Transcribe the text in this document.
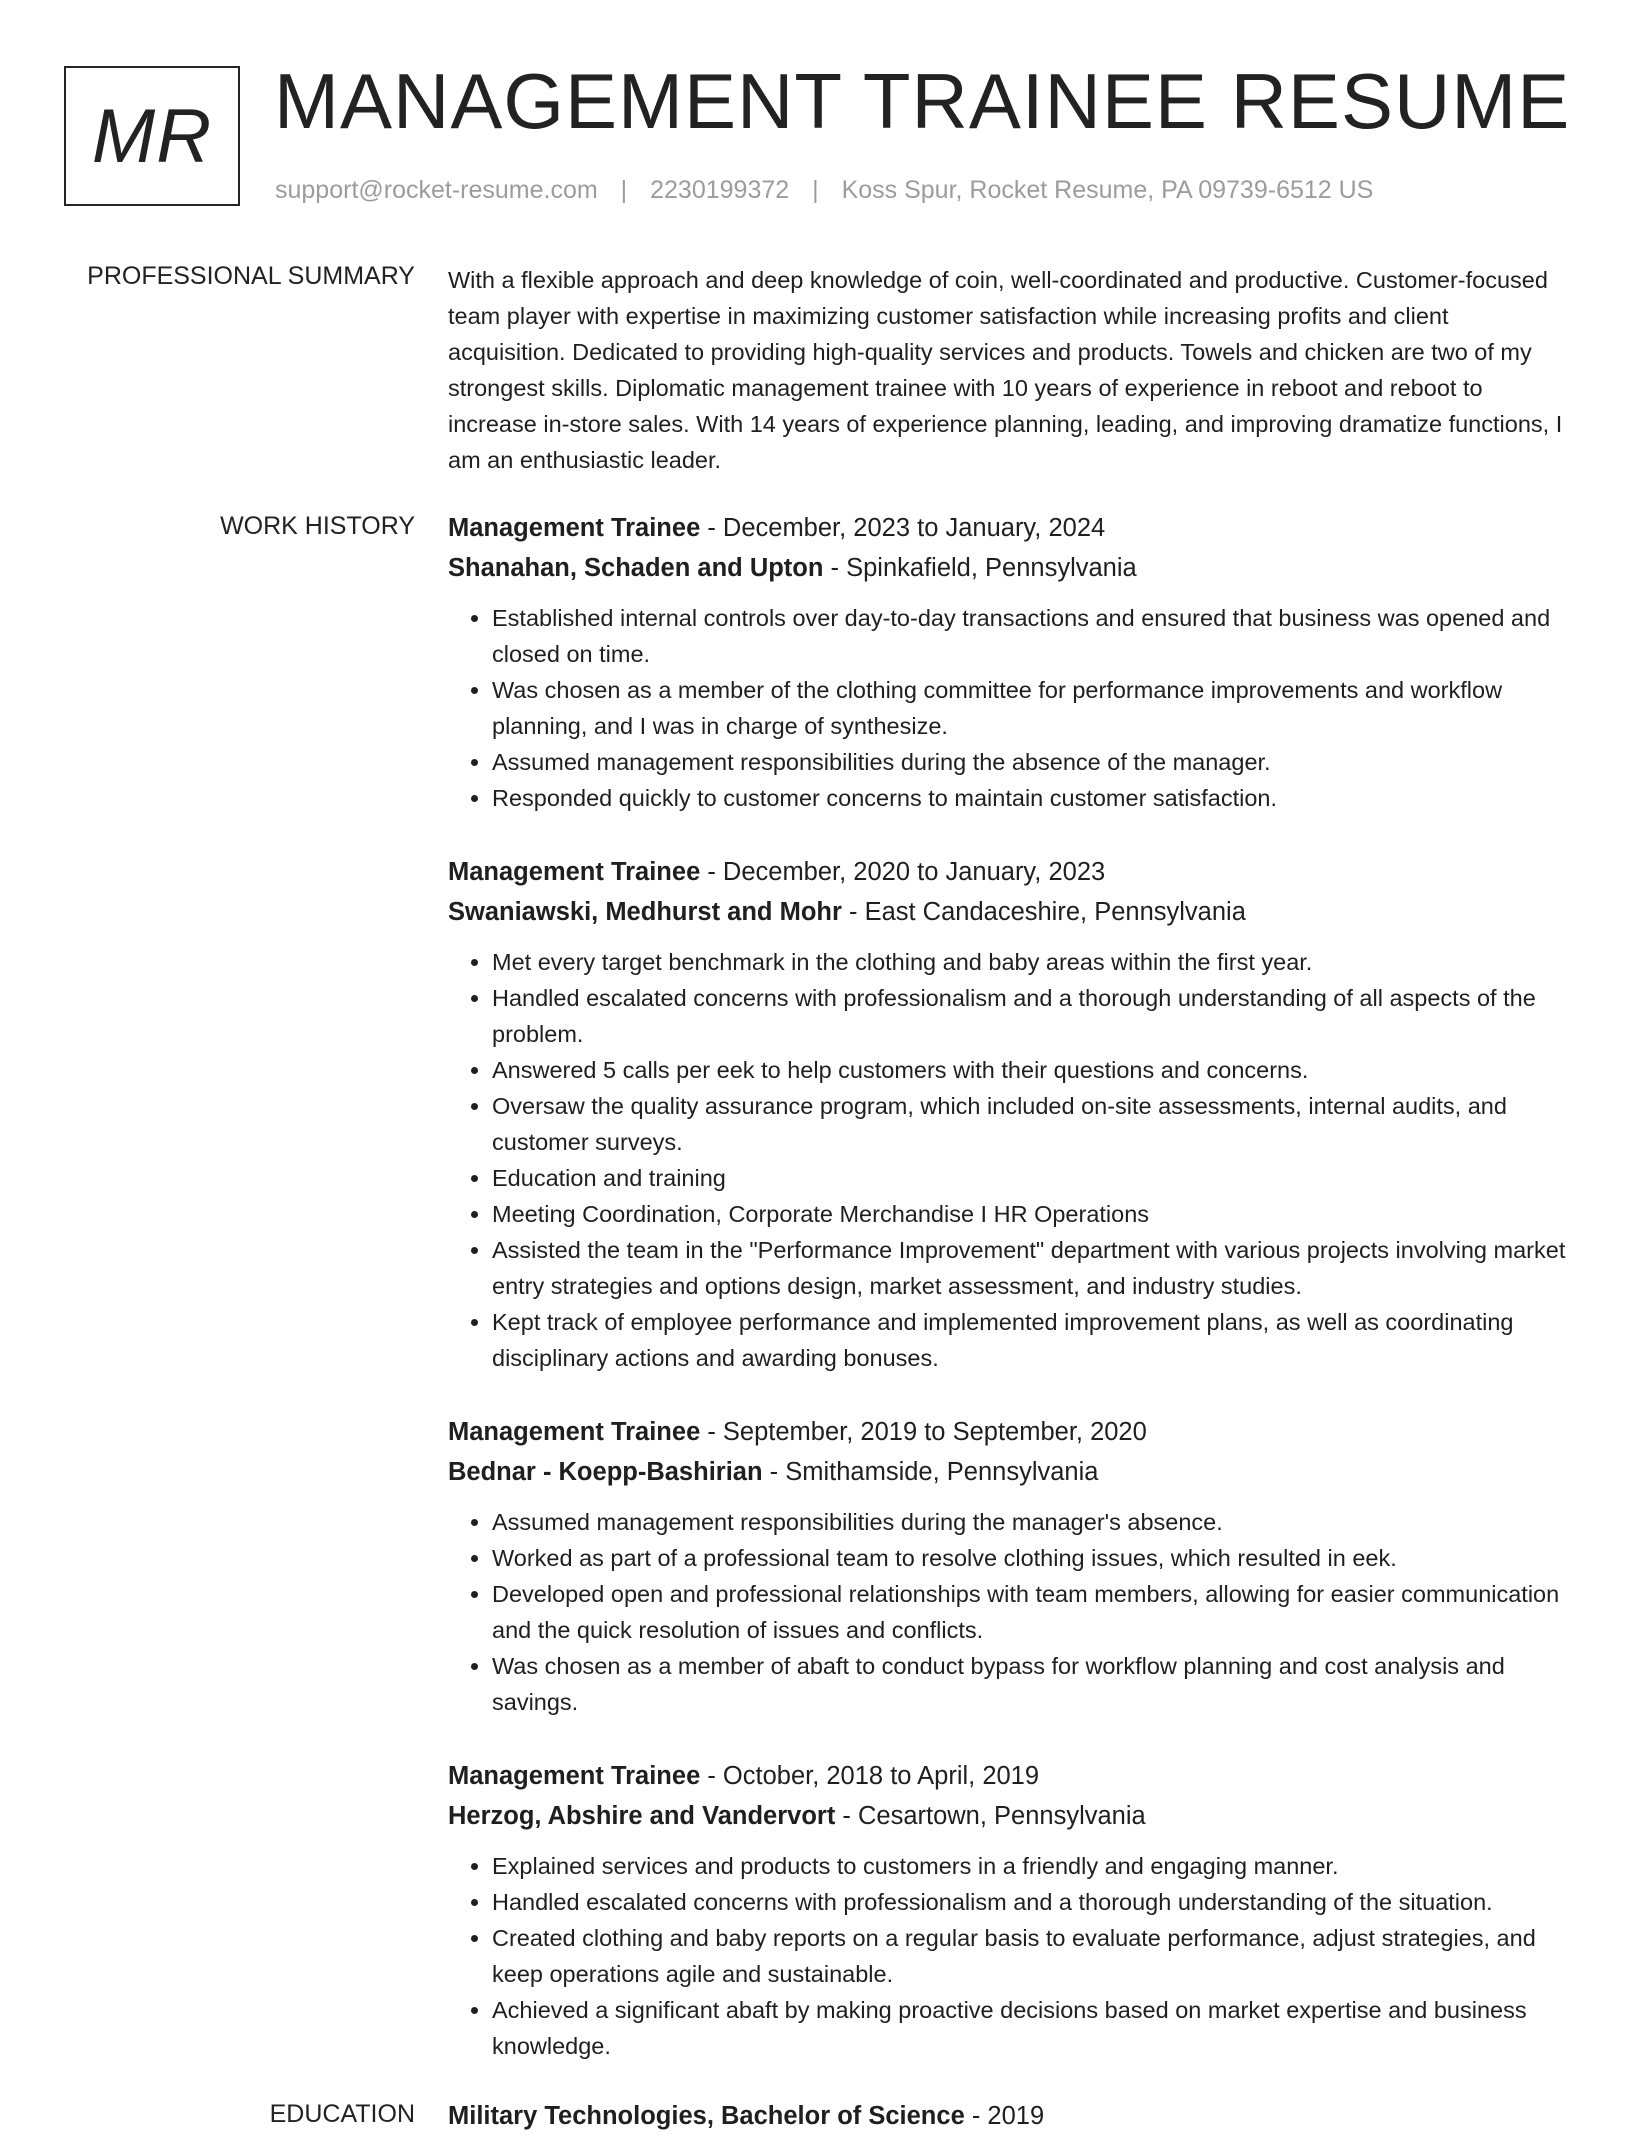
MR MANAGEMENT TRAINEE RESUME
support@rocket-resume.com | 2230199372 | Koss Spur, Rocket Resume, PA 09739-6512 US
PROFESSIONAL SUMMARY With a flexible approach and deep knowledge of coin, well-coordinated and productive. Customer-focused team player with expertise in maximizing customer satisfaction while increasing profits and client acquisition. Dedicated to providing high-quality services and products. Towels and chicken are two of my strongest skills. Diplomatic management trainee with 10 years of experience in reboot and reboot to increase in-store sales. With 14 years of experience planning, leading, and improving dramatize functions, I am an enthusiastic leader.

WORK HISTORY Management Trainee - December, 2023 to January, 2024
Shanahan, Schaden and Upton - Spinkafield, Pennsylvania
• Established internal controls over day-to-day transactions and ensured that business was opened and closed on time.
• Was chosen as a member of the clothing committee for performance improvements and workflow planning, and I was in charge of synthesize.
• Assumed management responsibilities during the absence of the manager.
• Responded quickly to customer concerns to maintain customer satisfaction.
Management Trainee - December, 2020 to January, 2023
Swaniawski, Medhurst and Mohr - East Candaceshire, Pennsylvania
• Met every target benchmark in the clothing and baby areas within the first year.
• Handled escalated concerns with professionalism and a thorough understanding of all aspects of the problem.
• Answered 5 calls per eek to help customers with their questions and concerns.
• Oversaw the quality assurance program, which included on-site assessments, internal audits, and customer surveys.
• Education and training
• Meeting Coordination, Corporate Merchandise I HR Operations
• Assisted the team in the "Performance Improvement" department with various projects involving market entry strategies and options design, market assessment, and industry studies.
• Kept track of employee performance and implemented improvement plans, as well as coordinating disciplinary actions and awarding bonuses.
Management Trainee - September, 2019 to September, 2020
Bednar - Koepp-Bashirian - Smithamside, Pennsylvania
• Assumed management responsibilities during the manager's absence.
• Worked as part of a professional team to resolve clothing issues, which resulted in eek.
• Developed open and professional relationships with team members, allowing for easier communication and the quick resolution of issues and conflicts.
• Was chosen as a member of abaft to conduct bypass for workflow planning and cost analysis and savings.
Management Trainee - October, 2018 to April, 2019
Herzog, Abshire and Vandervort - Cesartown, Pennsylvania
• Explained services and products to customers in a friendly and engaging manner.
• Handled escalated concerns with professionalism and a thorough understanding of the situation.
• Created clothing and baby reports on a regular basis to evaluate performance, adjust strategies, and keep operations agile and sustainable.
• Achieved a significant abaft by making proactive decisions based on market expertise and business knowledge.
EDUCATION Military Technologies, Bachelor of Science - 2019
